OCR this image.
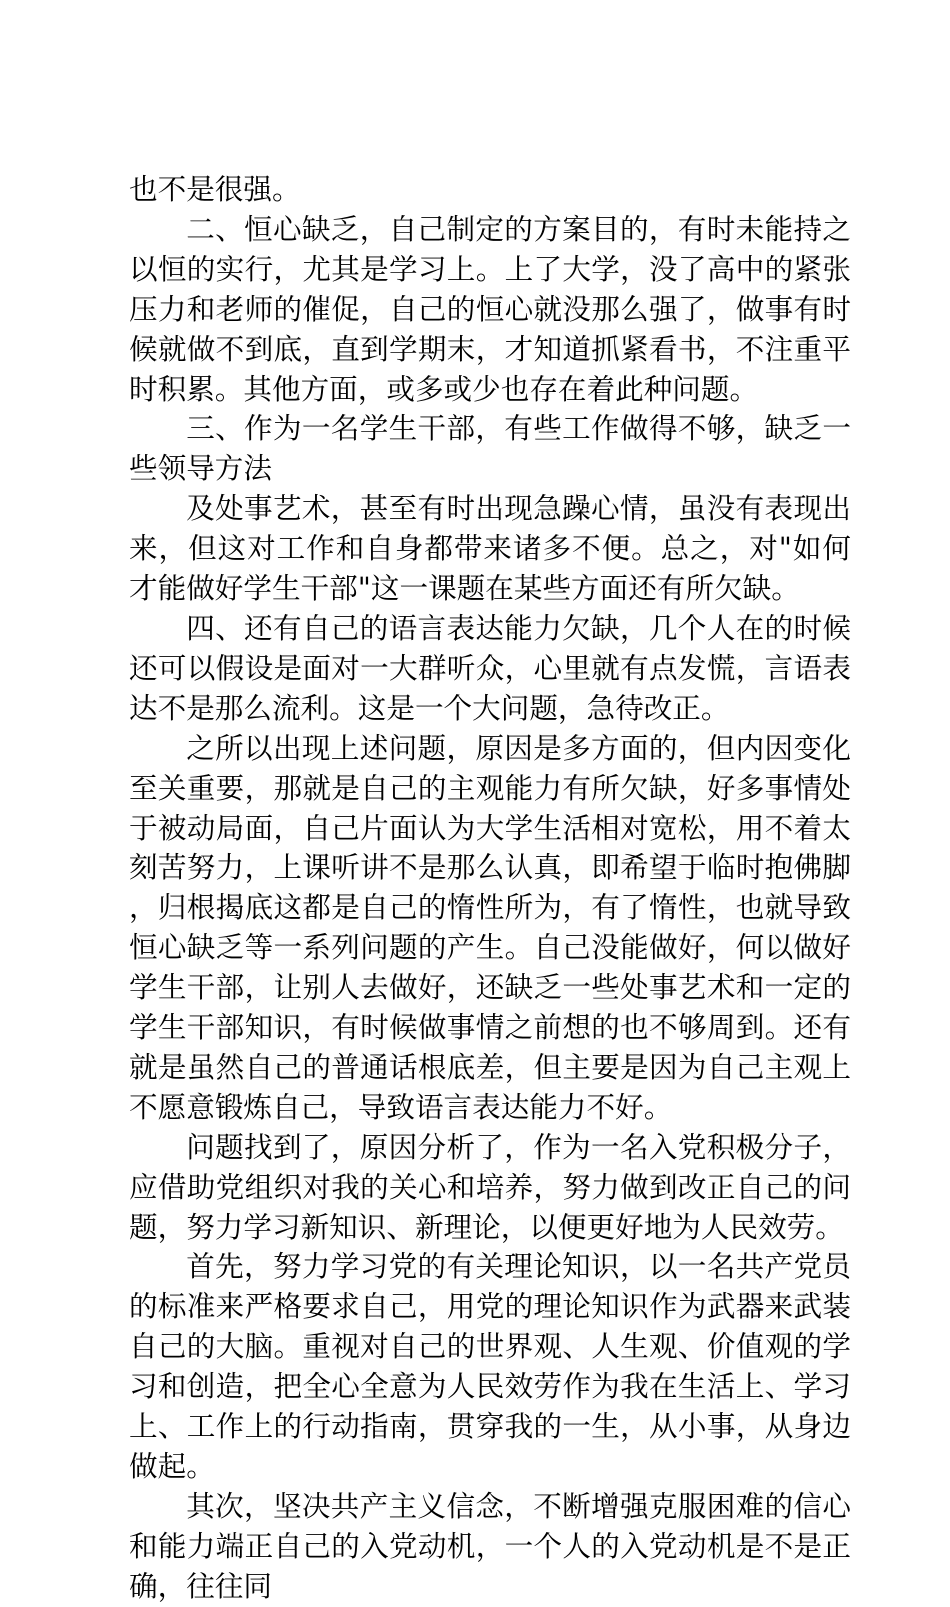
也不是很强。

二、恒心缺乏，自己制定的方案目的，有时未能持之以恒的实行，尤其是学习上。上了大学，没了高中的紧张压力和老师的催促，自己的恒心就没那么强了，做事有时候就做不到底，直到学期末，才知道抓紧看书，不注重平时积累。其他方面，或多或少也存在着此种问题。

三、作为一名学生干部，有些工作做得不够，缺乏一些领导方法

及处事艺术，甚至有时出现急躁心情，虽没有表现出来，但这对工作和自身都带来诸多不便。总之，对"如何才能做好学生干部"这一课题在某些方面还有所欠缺。

四、还有自己的语言表达能力欠缺，几个人在的时候还可以假设是面对一大群听众，心里就有点发慌，言语表达不是那么流利。这是一个大问题，急待改正。

之所以出现上述问题，原因是多方面的，但内因变化至关重要，那就是自己的主观能力有所欠缺，好多事情处于被动局面，自己片面认为大学生活相对宽松，用不着太刻苦努力，上课听讲不是那么认真，即希望于临时抱佛脚，归根揭底这都是自己的惰性所为，有了惰性，也就导致恒心缺乏等一系列问题的产生。自己没能做好，何以做好学生干部，让别人去做好，还缺乏一些处事艺术和一定的学生干部知识，有时候做事情之前想的也不够周到。还有就是虽然自己的普通话根底差，但主要是因为自己主观上不愿意锻炼自己，导致语言表达能力不好。

问题找到了，原因分析了，作为一名入党积极分子，应借助党组织对我的关心和培养，努力做到改正自己的问题，努力学习新知识、新理论，以便更好地为人民效劳。

首先，努力学习党的有关理论知识，以一名共产党员的标准来严格要求自己，用党的理论知识作为武器来武装自己的大脑。重视对自己的世界观、人生观、价值观的学习和创造，把全心全意为人民效劳作为我在生活上、学习上、工作上的行动指南，贯穿我的一生，从小事，从身边做起。

其次，坚决共产主义信念，不断增强克服困难的信心和能力端正自己的入党动机，一个人的入党动机是不是正确，往往同
